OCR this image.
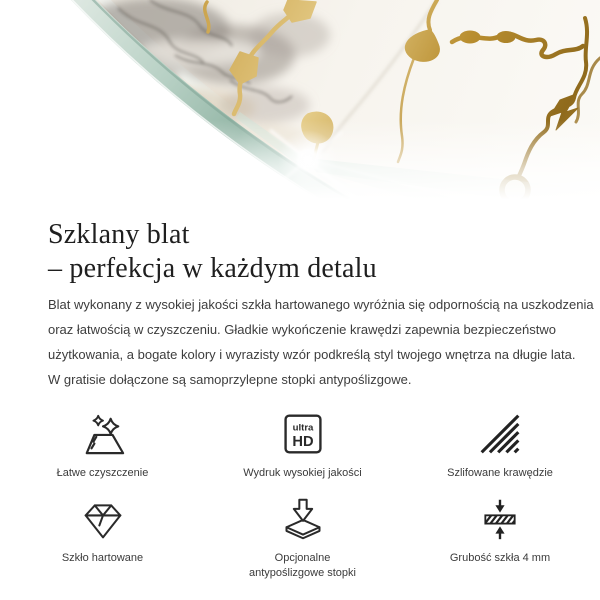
Szklany blat
– perfekcja w każdym detalu
Blat wykonany z wysokiej jakości szkła hartowanego wyróżnia się odpornością na uszkodzenia
oraz łatwością w czyszczeniu. Gładkie wykończenie krawędzi zapewnia bezpieczeństwo
użytkowania, a bogate kolory i wyrazisty wzór podkreślą styl twojego wnętrza na długie lata.
W gratisie dołączone są samoprzylepne stopki antypoślizgowe.
Łatwe czyszczenie
ultra
HD
Wydruk wysokiej jakości	Szlifowane krawędzie
Szkło hartowane	Opcjonalne
antypoślizgowe stopki
Grubość szkła 4 mm
